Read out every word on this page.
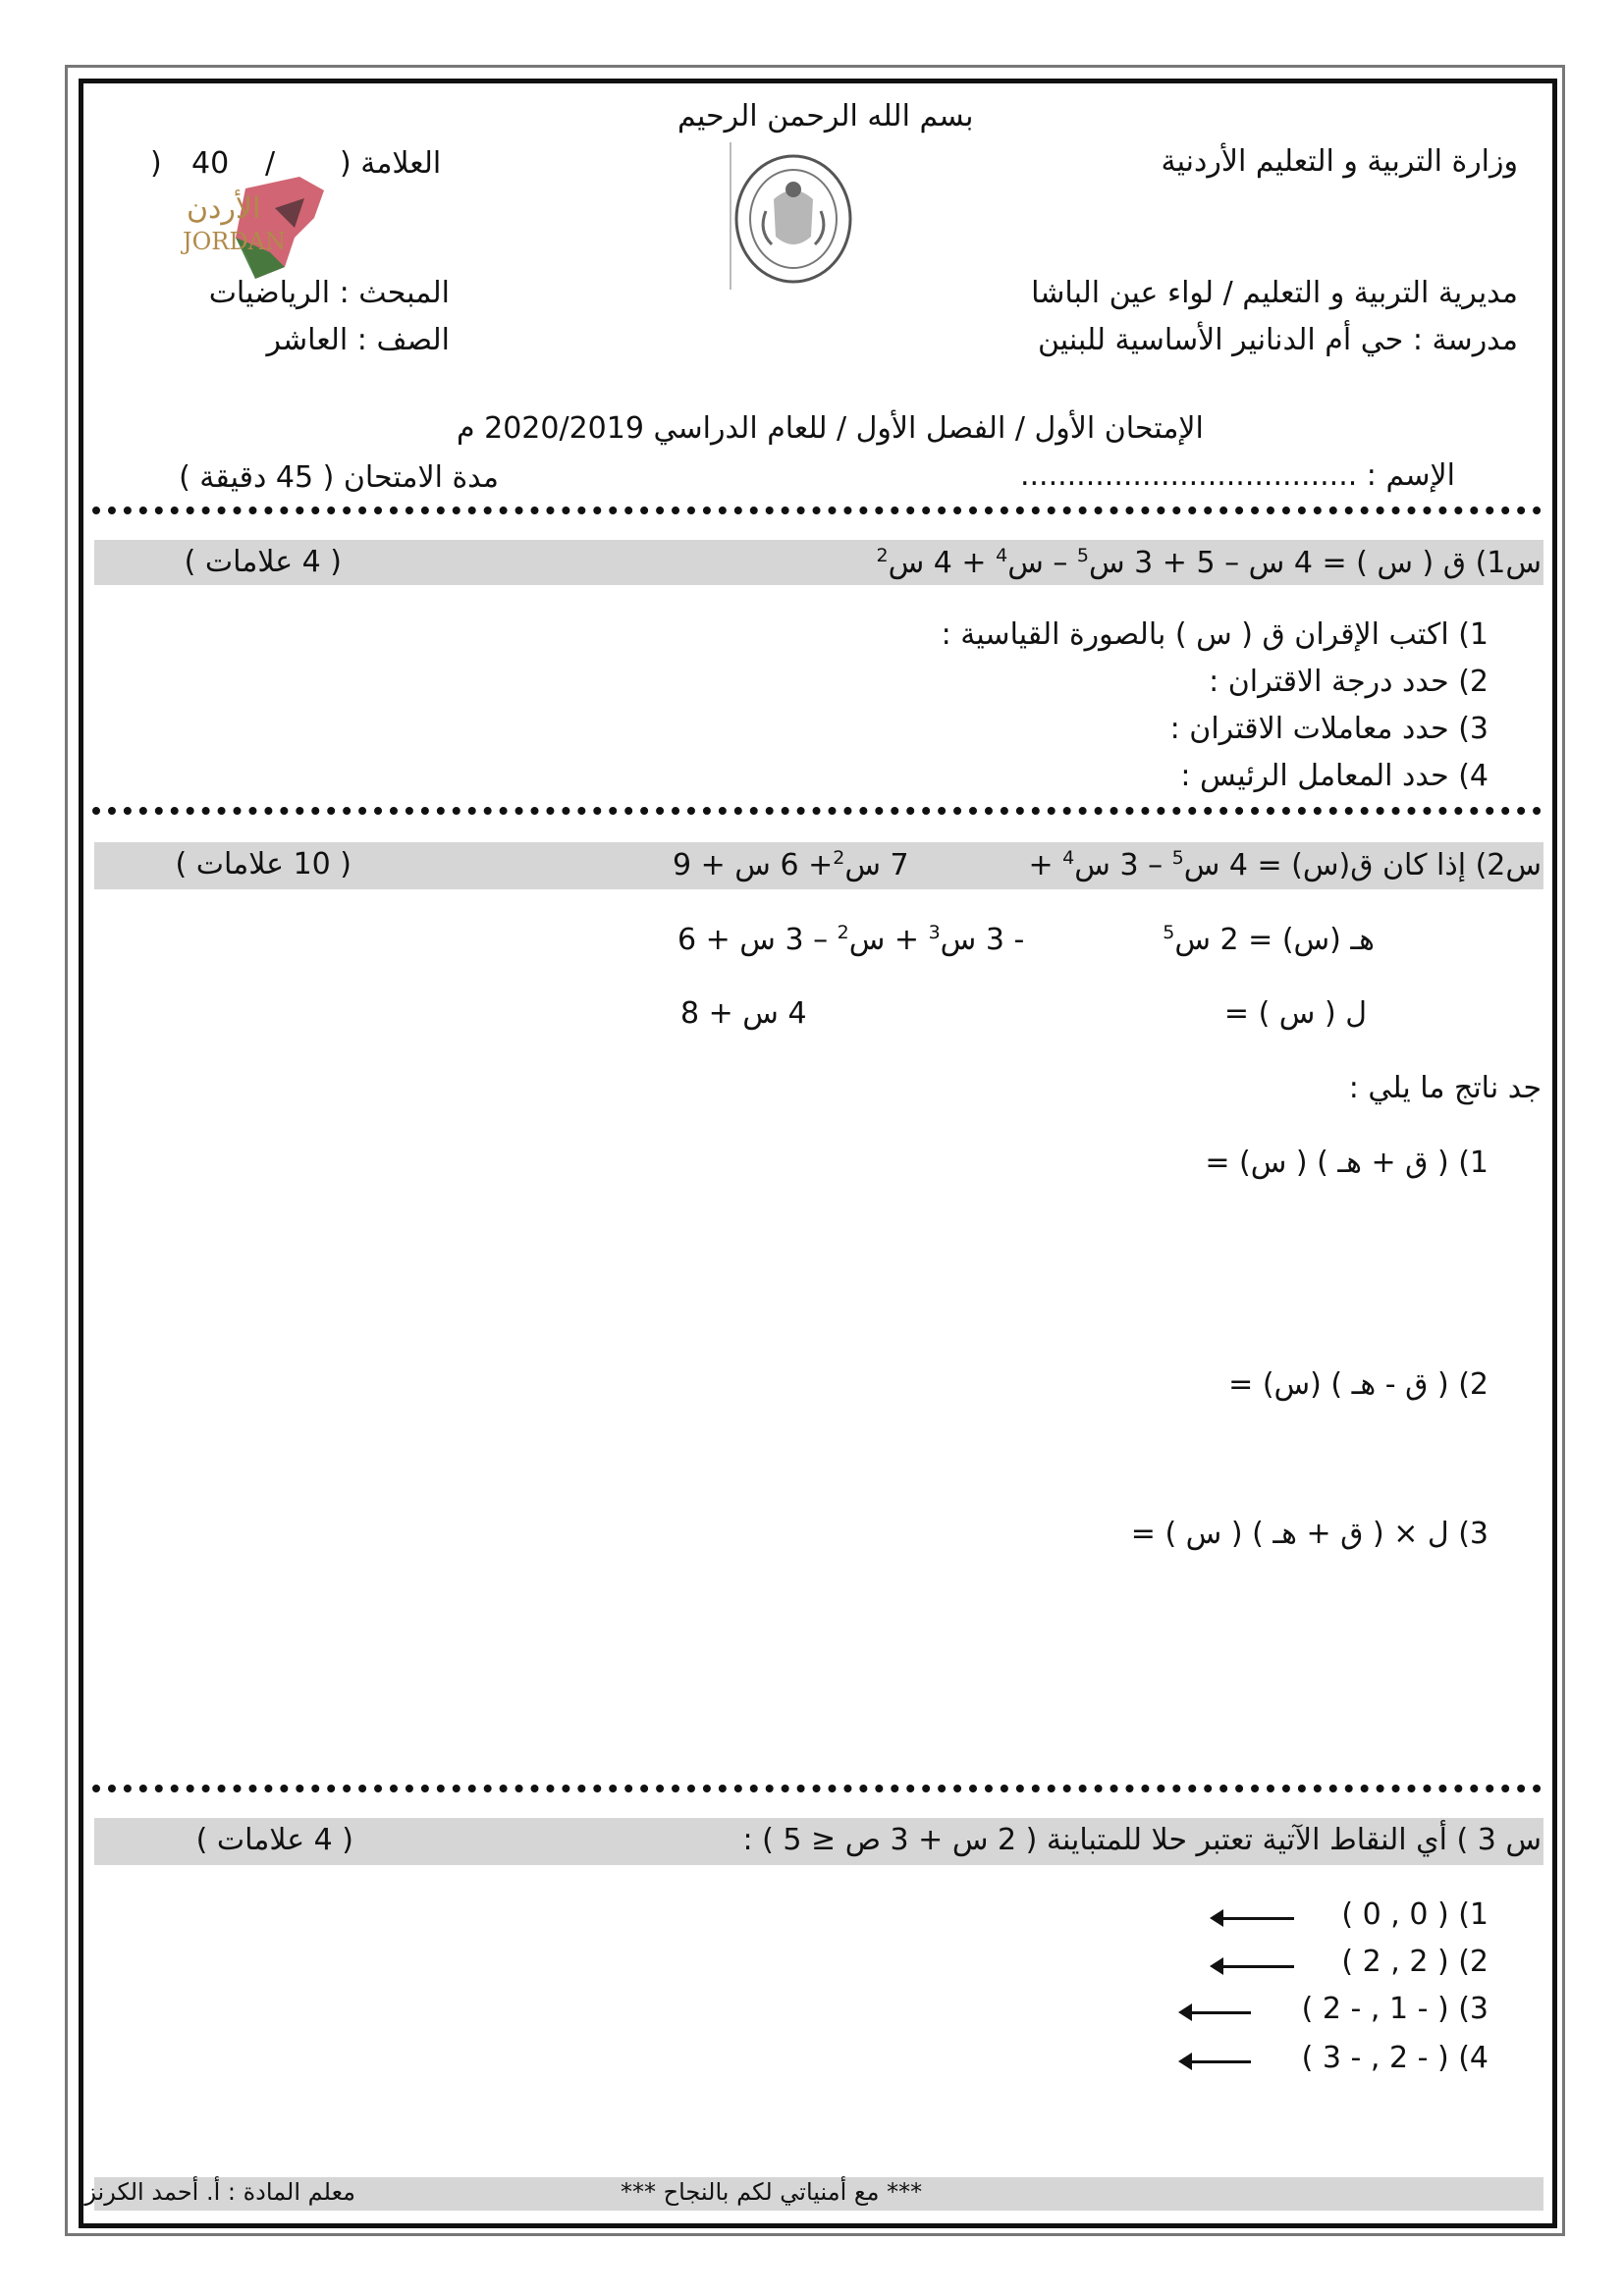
بسم الله الرحمن الرحيم
وزارة التربية و التعليم الأردنية
مديرية التربية و التعليم / لواء عين الباشا
مدرسة : حي أم الدنانير الأساسية للبنين
العلامة (
/
40
)
الأردن
JORDAN
المبحث : الرياضيات
الصف : العاشر
الإمتحان الأول / الفصل الأول / للعام الدراسي 2020/2019 م
الإسم : ....................................
مدة الامتحان ( 45 دقيقة )
س1) ق ( س ) = 4 س – 5 + 3 س$^5$ – س$^4$ + 4 س$^2$
( 4 علامات )
1) اكتب الإقران ق ( س ) بالصورة القياسية :
2) حدد درجة الاقتران :
3) حدد معاملات الاقتران :
4) حدد المعامل الرئيس :
س2) إذا كان ق(س) = 4 س$^5$ – 3 س$^4$ +
7 س$^2$+ 6 س + 9
( 10 علامات )
هـ (س) = 2 س$^5$
- 3 س$^3$ + س$^2$ – 3 س + 6
ل ( س ) =
4 س + 8
جد ناتج ما يلي :
1) ( ق + هـ ) ( س) =
2) ( ق - هـ ) (س) =
3) ل × ( ق + هـ ) ( س ) =
س 3 ) أي النقاط الآتية تعتبر حلا للمتباينة ( 2 س + 3 ص ≤ 5 ) :
( 4 علامات )
1) ( 0 , 0 )
2) ( 2 , 2 )
3) ( - 1 , - 2 )
4) ( - 2 , - 3 )
*** مع أمنياتي لكم بالنجاح ***
معلم المادة : أ. أحمد الكرنز
